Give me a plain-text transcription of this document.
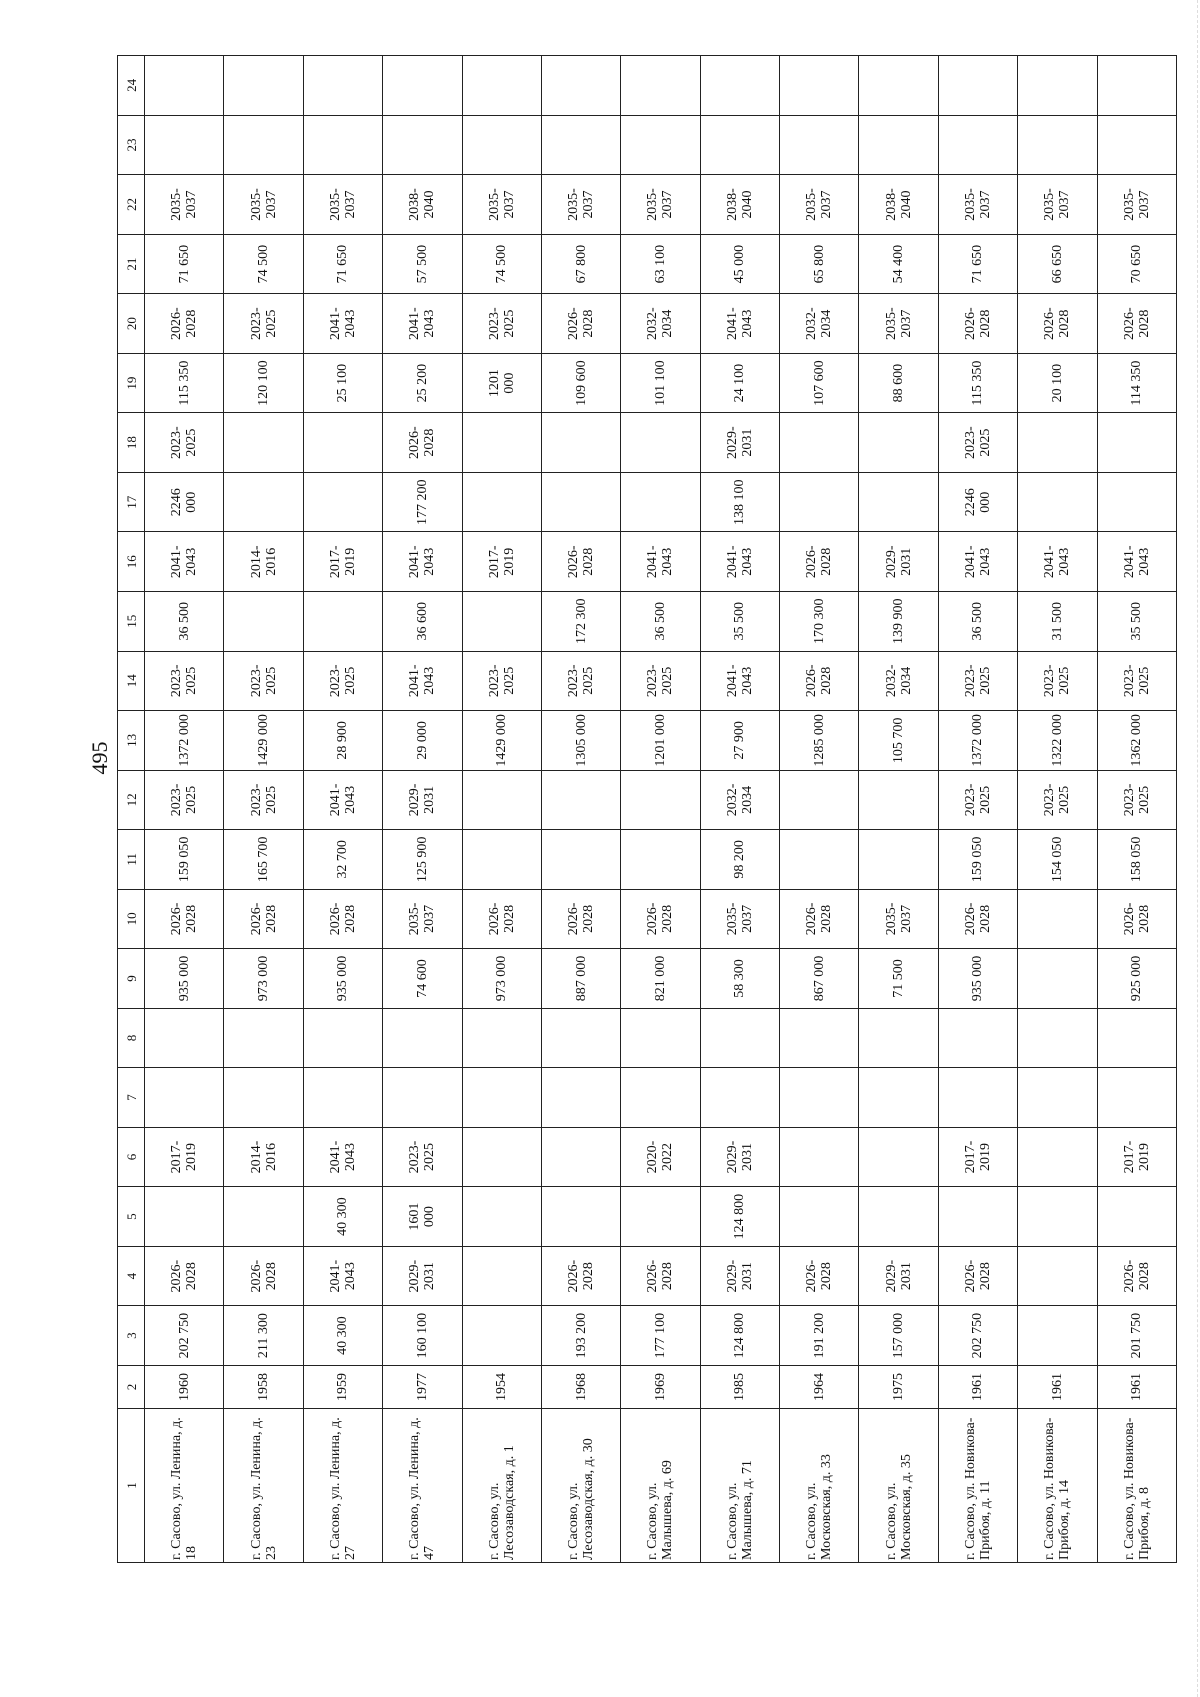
495
1	2	3	4	5	6	7	8	9	10	11	12	13	14	15	16	17	18	19	20	21	22	23	24
г. Сасово, ул. Ленина, д. 18	1960	202 750	2026-
2028		2017-
2019			935 000	2026-
2028	159 050	2023-
2025	1372 000	2023-
2025	36 500	2041-
2043	2246
000	2023-
2025	115 350	2026-
2028	71 650	2035-
2037		
г. Сасово, ул. Ленина, д. 23	1958	211 300	2026-
2028		2014-
2016			973 000	2026-
2028	165 700	2023-
2025	1429 000	2023-
2025		2014-
2016			120 100	2023-
2025	74 500	2035-
2037		
г. Сасово, ул. Ленина, д. 27	1959	40 300	2041-
2043	40 300	2041-
2043			935 000	2026-
2028	32 700	2041-
2043	28 900	2023-
2025		2017-
2019			25 100	2041-
2043	71 650	2035-
2037		
г. Сасово, ул. Ленина, д. 47	1977	160 100	2029-
2031	1601
000	2023-
2025			74 600	2035-
2037	125 900	2029-
2031	29 000	2041-
2043	36 600	2041-
2043	177 200	2026-
2028	25 200	2041-
2043	57 500	2038-
2040		
г. Сасово, ул. Лесозаводская, д. 1	1954							973 000	2026-
2028			1429 000	2023-
2025		2017-
2019			1201
000	2023-
2025	74 500	2035-
2037		
г. Сасово, ул. Лесозаводская, д. 30	1968	193 200	2026-
2028					887 000	2026-
2028			1305 000	2023-
2025	172 300	2026-
2028			109 600	2026-
2028	67 800	2035-
2037		
г. Сасово, ул. Малышева, д. 69	1969	177 100	2026-
2028		2020-
2022			821 000	2026-
2028			1201 000	2023-
2025	36 500	2041-
2043			101 100	2032-
2034	63 100	2035-
2037		
г. Сасово, ул. Малышева, д. 71	1985	124 800	2029-
2031	124 800	2029-
2031			58 300	2035-
2037	98 200	2032-
2034	27 900	2041-
2043	35 500	2041-
2043	138 100	2029-
2031	24 100	2041-
2043	45 000	2038-
2040		
г. Сасово, ул. Московская, д. 33	1964	191 200	2026-
2028					867 000	2026-
2028			1285 000	2026-
2028	170 300	2026-
2028			107 600	2032-
2034	65 800	2035-
2037		
г. Сасово, ул. Московская, д. 35	1975	157 000	2029-
2031					71 500	2035-
2037			105 700	2032-
2034	139 900	2029-
2031			88 600	2035-
2037	54 400	2038-
2040		
г. Сасово, ул. Новикова-Прибоя, д. 11	1961	202 750	2026-
2028		2017-
2019			935 000	2026-
2028	159 050	2023-
2025	1372 000	2023-
2025	36 500	2041-
2043	2246
000	2023-
2025	115 350	2026-
2028	71 650	2035-
2037		
г. Сасово, ул. Новикова-Прибоя, д. 14	1961									154 050	2023-
2025	1322 000	2023-
2025	31 500	2041-
2043			20 100	2026-
2028	66 650	2035-
2037		
г. Сасово, ул. Новикова-Прибоя, д. 8	1961	201 750	2026-
2028		2017-
2019			925 000	2026-
2028	158 050	2023-
2025	1362 000	2023-
2025	35 500	2041-
2043			114 350	2026-
2028	70 650	2035-
2037		
